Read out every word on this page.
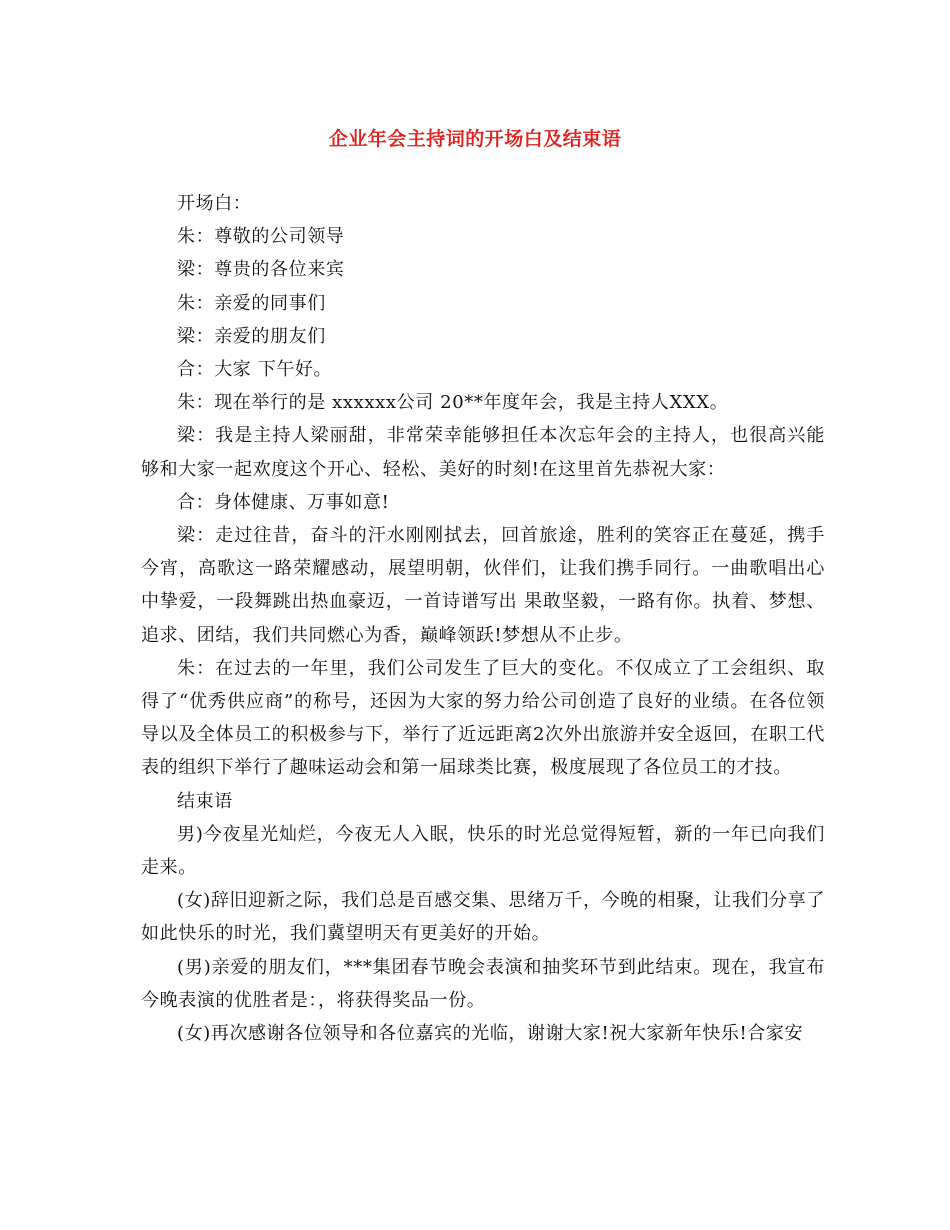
企业年会主持词的开场白及结束语

开场白：

朱：尊敬的公司领导

梁：尊贵的各位来宾

朱：亲爱的同事们

梁：亲爱的朋友们

合：大家 下午好。

朱：现在举行的是 xxxxxx公司 20**年度年会，我是主持人XXX。

梁：我是主持人梁丽甜，非常荣幸能够担任本次忘年会的主持人，也很高兴能够和大家一起欢度这个开心、轻松、美好的时刻!在这里首先恭祝大家：

合：身体健康、万事如意!

梁：走过往昔，奋斗的汗水刚刚拭去，回首旅途，胜利的笑容正在蔓延，携手今宵，高歌这一路荣耀感动，展望明朝，伙伴们，让我们携手同行。一曲歌唱出心中挚爱，一段舞跳出热血豪迈，一首诗谱写出 果敢坚毅，一路有你。执着、梦想、追求、团结，我们共同燃心为香，巅峰领跃!梦想从不止步。

朱：在过去的一年里，我们公司发生了巨大的变化。不仅成立了工会组织、取得了“优秀供应商”的称号，还因为大家的努力给公司创造了良好的业绩。在各位领导以及全体员工的积极参与下，举行了近远距离2次外出旅游并安全返回，在职工代表的组织下举行了趣味运动会和第一届球类比赛，极度展现了各位员工的才技。

结束语

男)今夜星光灿烂，今夜无人入眠，快乐的时光总觉得短暂，新的一年已向我们走来。

(女)辞旧迎新之际，我们总是百感交集、思绪万千，今晚的相聚，让我们分享了如此快乐的时光，我们冀望明天有更美好的开始。

(男)亲爱的朋友们，***集团春节晚会表演和抽奖环节到此结束。现在，我宣布今晚表演的优胜者是：，将获得奖品一份。

(女)再次感谢各位领导和各位嘉宾的光临，谢谢大家!祝大家新年快乐!合家安
